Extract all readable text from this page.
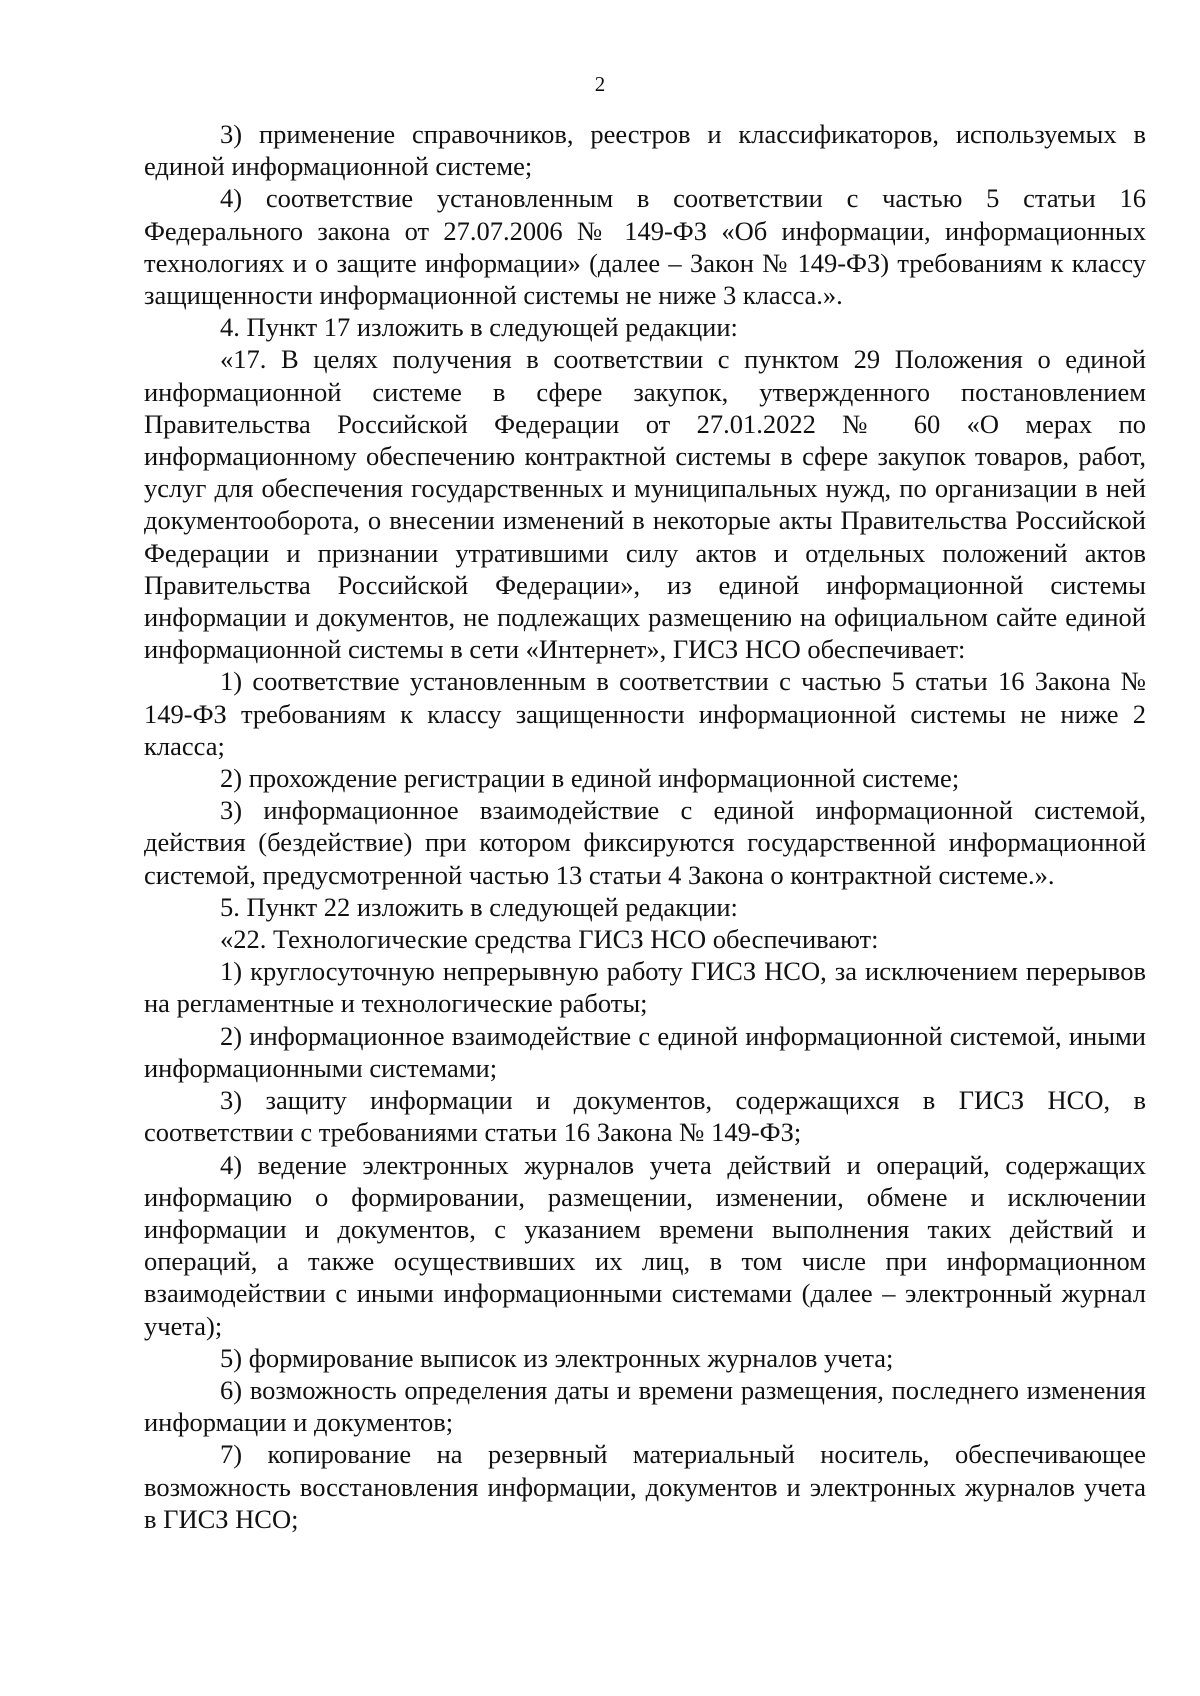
2

3) применение справочников, реестров и классификаторов, используемых в единой информационной системе;

4) соответствие установленным в соответствии с частью 5 статьи 16 Федерального закона от 27.07.2006 № 149-ФЗ «Об информации, информационных технологиях и о защите информации» (далее – Закон № 149-ФЗ) требованиям к классу защищенности информационной системы не ниже 3 класса.».

4. Пункт 17 изложить в следующей редакции:

«17. В целях получения в соответствии с пунктом 29 Положения о единой информационной системе в сфере закупок, утвержденного постановлением Правительства Российской Федерации от 27.01.2022 № 60 «О мерах по информационному обеспечению контрактной системы в сфере закупок товаров, работ, услуг для обеспечения государственных и муниципальных нужд, по организации в ней документооборота, о внесении изменений в некоторые акты Правительства Российской Федерации и признании утратившими силу актов и отдельных положений актов Правительства Российской Федерации», из единой информационной системы информации и документов, не подлежащих размещению на официальном сайте единой информационной системы в сети «Интернет», ГИСЗ НСО обеспечивает:

1) соответствие установленным в соответствии с частью 5 статьи 16 Закона № 149-ФЗ требованиям к классу защищенности информационной системы не ниже 2 класса;

2) прохождение регистрации в единой информационной системе;

3) информационное взаимодействие с единой информационной системой, действия (бездействие) при котором фиксируются государственной информационной системой, предусмотренной частью 13 статьи 4 Закона о контрактной системе.».

5. Пункт 22 изложить в следующей редакции:

«22. Технологические средства ГИСЗ НСО обеспечивают:

1) круглосуточную непрерывную работу ГИСЗ НСО, за исключением перерывов на регламентные и технологические работы;

2) информационное взаимодействие с единой информационной системой, иными информационными системами;

3) защиту информации и документов, содержащихся в ГИСЗ НСО, в соответствии с требованиями статьи 16 Закона № 149-ФЗ;

4) ведение электронных журналов учета действий и операций, содержащих информацию о формировании, размещении, изменении, обмене и исключении информации и документов, с указанием времени выполнения таких действий и операций, а также осуществивших их лиц, в том числе при информационном взаимодействии с иными информационными системами (далее – электронный журнал учета);

5) формирование выписок из электронных журналов учета;

6) возможность определения даты и времени размещения, последнего изменения информации и документов;

7) копирование на резервный материальный носитель, обеспечивающее возможность восстановления информации, документов и электронных журналов учета в ГИСЗ НСО;
